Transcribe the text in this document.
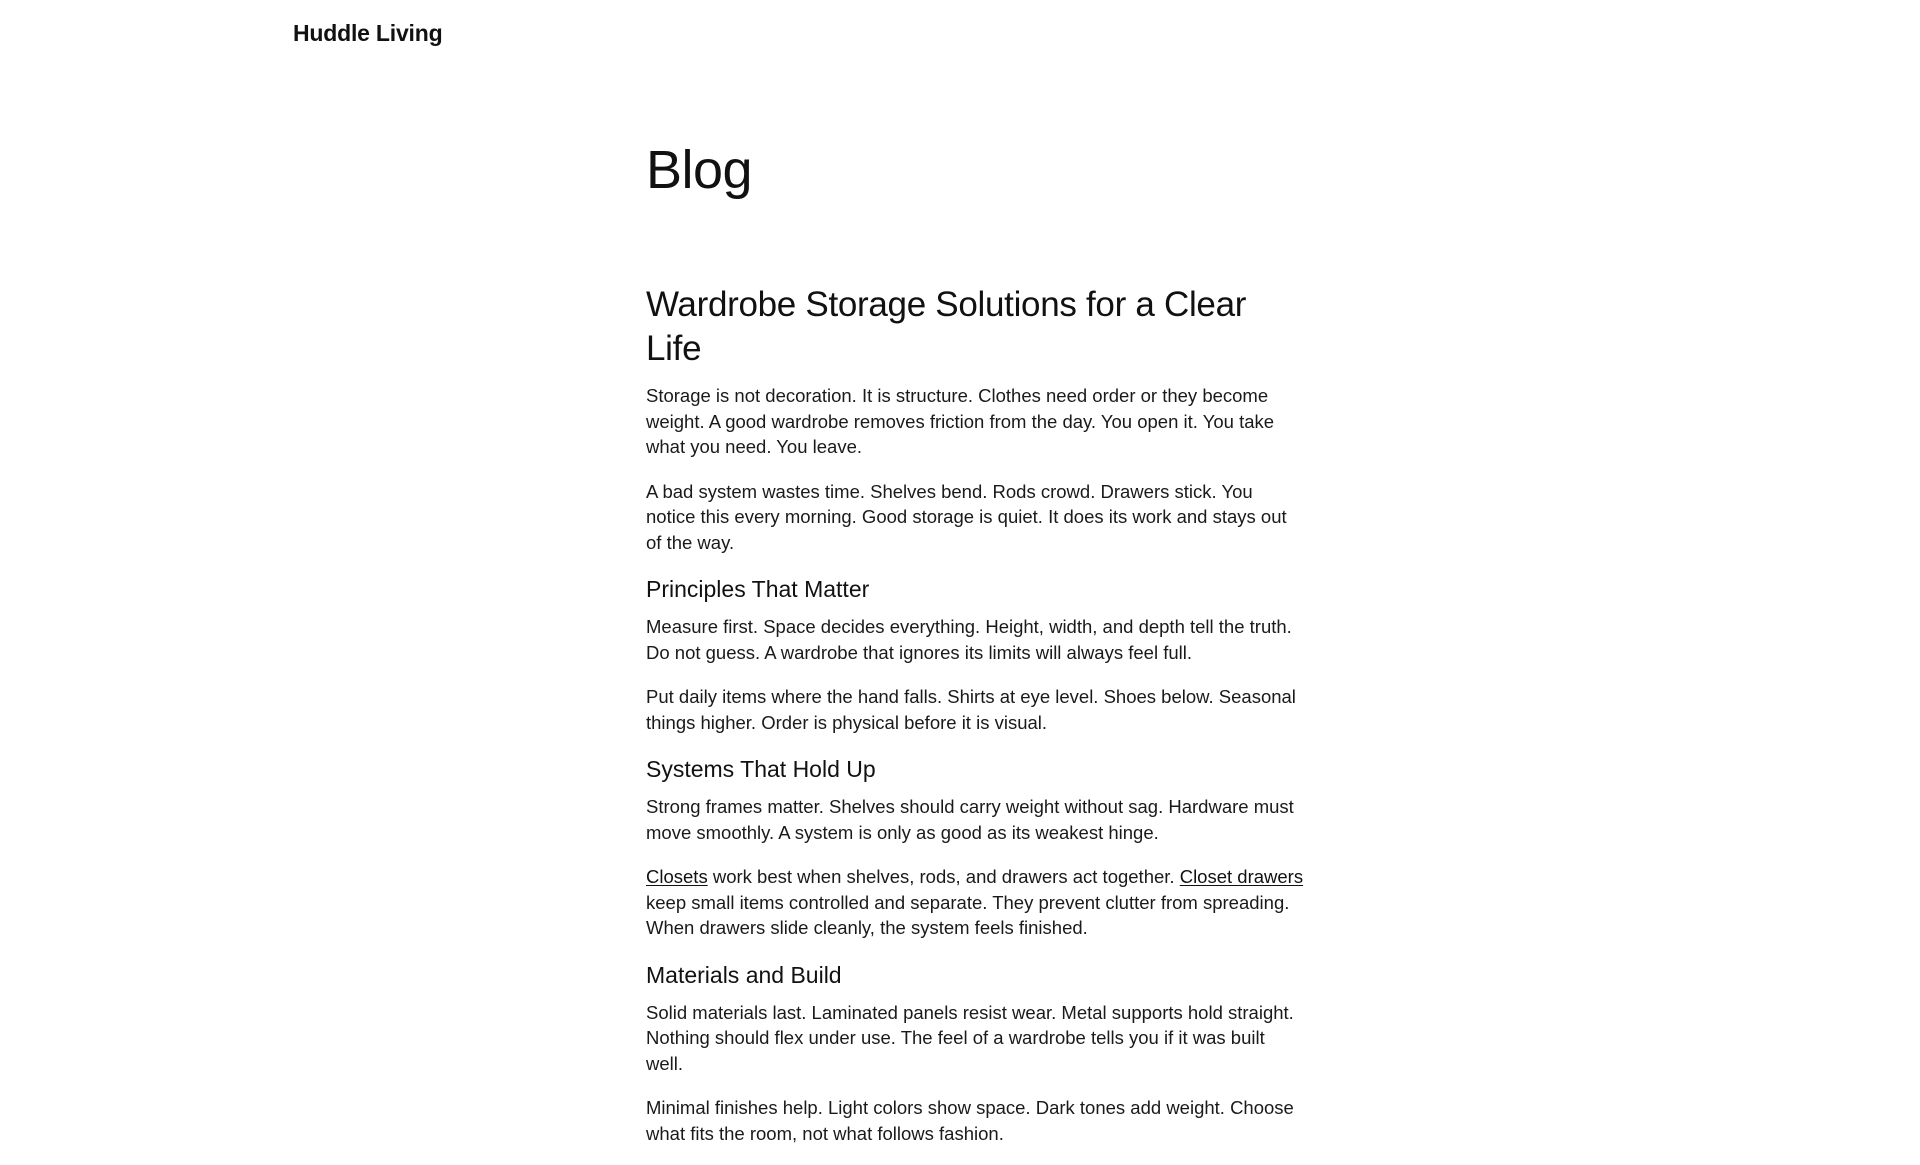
Huddle Living
Blog
Wardrobe Storage Solutions for a Clear Life

Storage is not decoration. It is structure. Clothes need order or they become weight. A good wardrobe removes friction from the day. You open it. You take what you need. You leave.

A bad system wastes time. Shelves bend. Rods crowd. Drawers stick. You notice this every morning. Good storage is quiet. It does its work and stays out of the way.

Principles That Matter

Measure first. Space decides everything. Height, width, and depth tell the truth. Do not guess. A wardrobe that ignores its limits will always feel full.

Put daily items where the hand falls. Shirts at eye level. Shoes below. Seasonal things higher. Order is physical before it is visual.

Systems That Hold Up

Strong frames matter. Shelves should carry weight without sag. Hardware must move smoothly. A system is only as good as its weakest hinge.

Closets work best when shelves, rods, and drawers act together. Closet drawers keep small items controlled and separate. They prevent clutter from spreading. When drawers slide cleanly, the system feels finished.

Materials and Build

Solid materials last. Laminated panels resist wear. Metal supports hold straight. Nothing should flex under use. The feel of a wardrobe tells you if it was built well.

Minimal finishes help. Light colors show space. Dark tones add weight. Choose what fits the room, not what follows fashion.
